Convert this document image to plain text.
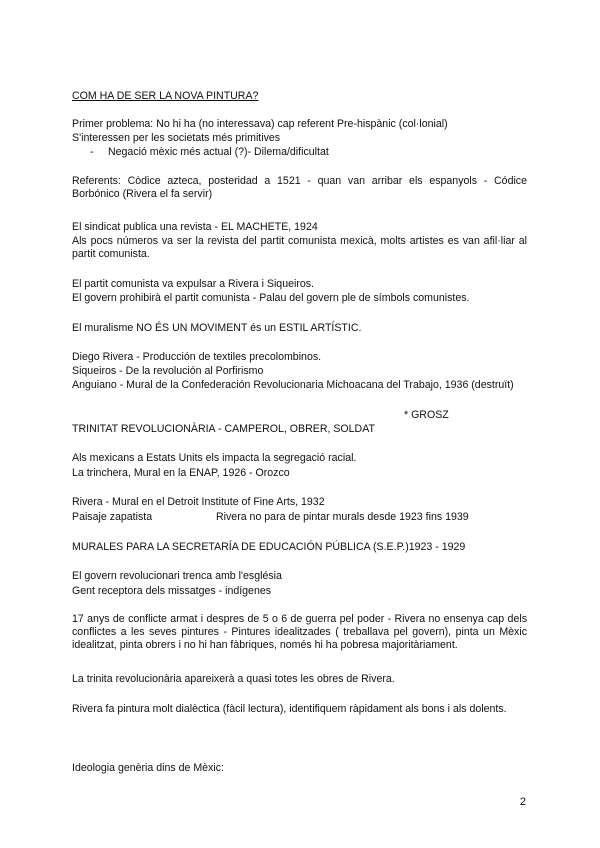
COM HA DE SER LA NOVA PINTURA?
Primer problema: No hi ha (no interessava) cap referent Pre-hispànic (col·lonial)
S'interessen per les societats més primitives
- Negació mèxic més actual (?)- Dilema/dificultat
Referents: Còdice azteca, posteridad a 1521 - quan van arribar els espanyols - Códice Borbónico (Rivera el fa servir)
El sindicat publica una revista - EL MACHETE, 1924
Als pocs números va ser la revista del partit comunista mexicà, molts artistes es van afil·liar al partit comunista.
El partit comunista va expulsar a Rivera i Siqueiros.
El govern prohibirà el partit comunista - Palau del govern ple de símbols comunistes.
El muralisme NO ÉS UN MOVIMENT és un ESTIL ARTÍSTIC.
Diego Rivera - Producción de textiles precolombinos.
Siqueiros - De la revolución al Porfirismo
Anguiano - Mural de la Confederación Revolucionaria Michoacana del Trabajo, 1936 (destruït)
* GROSZ
TRINITAT REVOLUCIONÀRIA - CAMPEROL, OBRER, SOLDAT
Als mexicans a Estats Units els impacta la segregació racial.
La trinchera, Mural en la ENAP, 1926 - Orozco
Rivera - Mural en el Detroit Institute of Fine Arts, 1932
Paisaje zapatista	Rivera no para de pintar murals desde 1923 fins 1939
MURALES PARA LA SECRETARÍA DE EDUCACIÓN PÚBLICA (S.E.P.)1923 - 1929
El govern revolucionari trenca amb l'església
Gent receptora dels missatges - indígenes
17 anys de conflicte armat i despres de 5 o 6 de guerra pel poder - Rivera no ensenya cap dels conflictes a les seves pintures - Pintures idealitzades ( treballava pel govern), pinta un Mèxic idealitzat, pinta obrers i no hi han fàbriques, només hi ha pobresa majoritàriament.
La trinita revolucionària apareixerà a quasi totes les obres de Rivera.
Rivera fa pintura molt dialèctica (fàcil lectura), identifiquem ràpidament als bons i als dolents.
Ideologia genèria dins de Mèxic:
2
